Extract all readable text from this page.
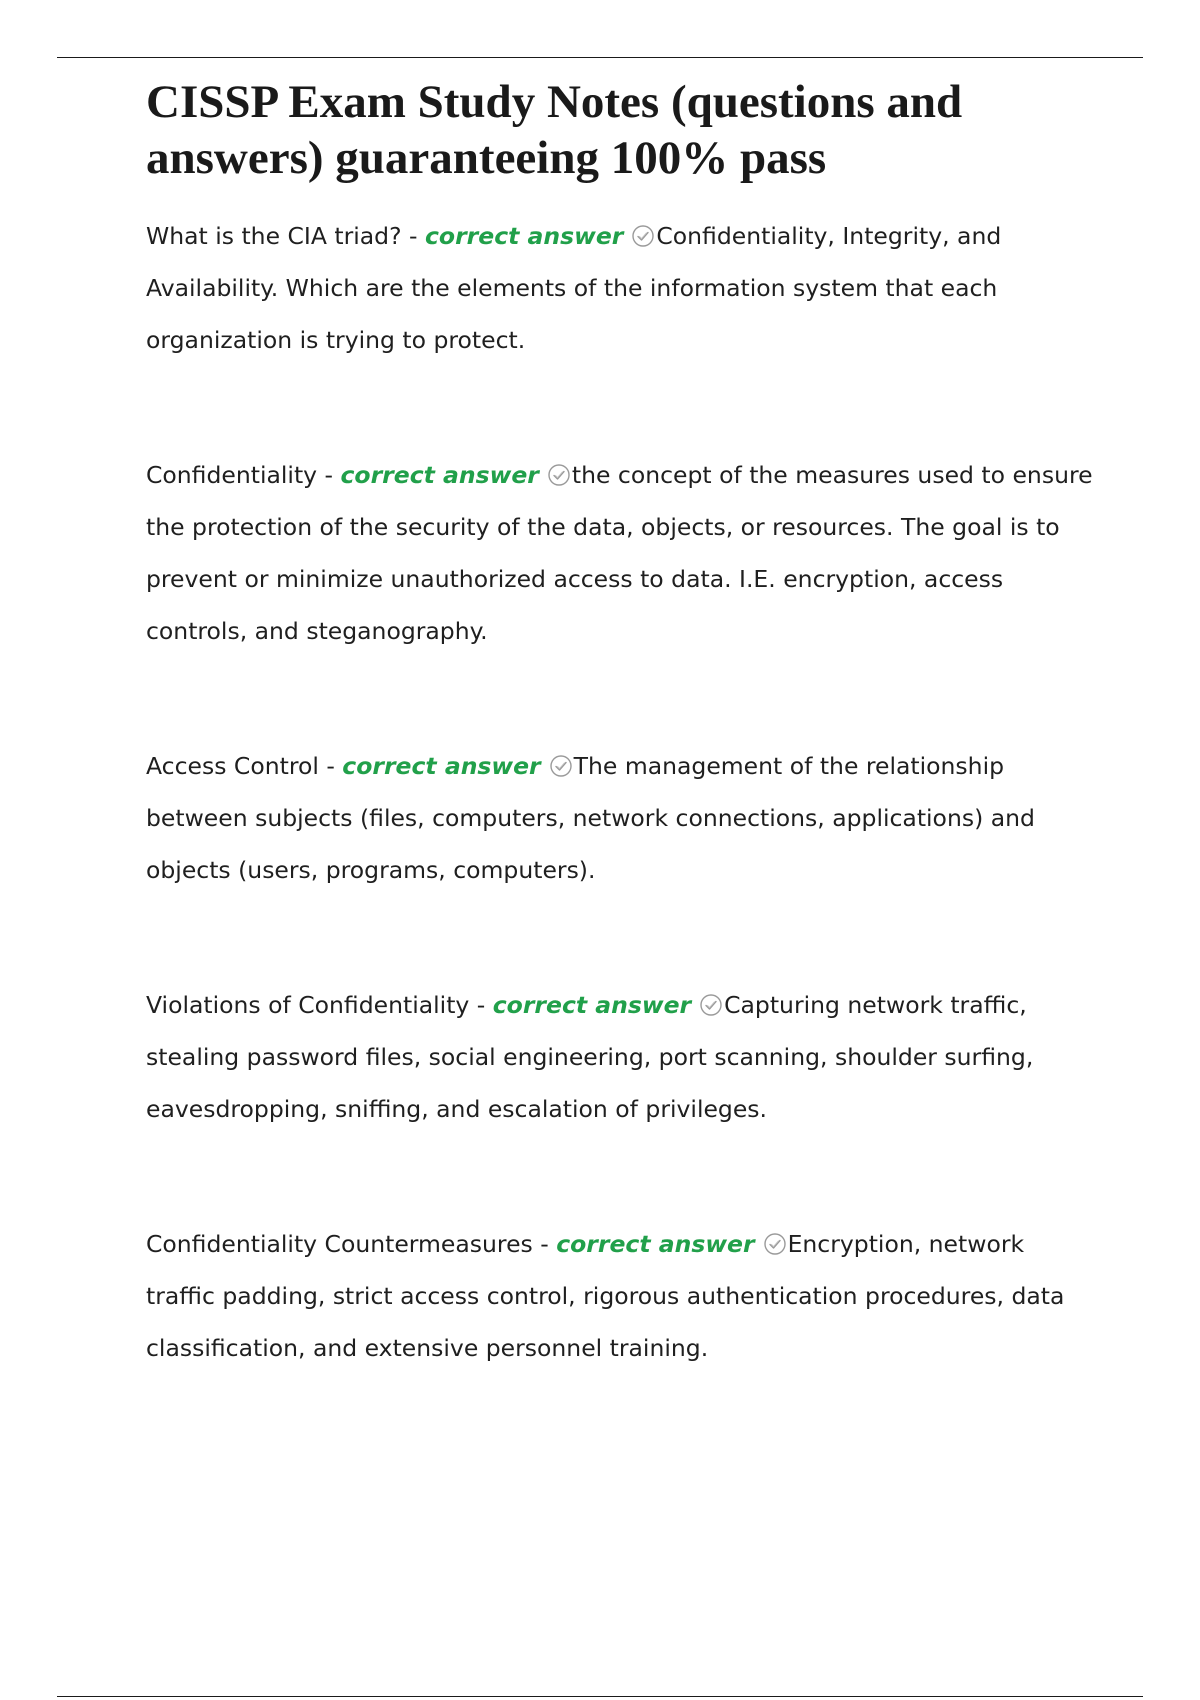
CISSP Exam Study Notes (questions and
answers) guaranteeing 100% pass

What is the CIA triad? - correct answer Confidentiality, Integrity, and Availability. Which are the elements of the information system that each organization is trying to protect.

Confidentiality - correct answer the concept of the measures used to ensure the protection of the security of the data, objects, or resources. The goal is to prevent or minimize unauthorized access to data. I.E. encryption, access controls, and steganography.

Access Control - correct answer The management of the relationship between subjects (files, computers, network connections, applications) and objects (users, programs, computers).

Violations of Confidentiality - correct answer Capturing network traffic, stealing password files, social engineering, port scanning, shoulder surfing, eavesdropping, sniffing, and escalation of privileges.

Confidentiality Countermeasures - correct answer Encryption, network traffic padding, strict access control, rigorous authentication procedures, data classification, and extensive personnel training.
